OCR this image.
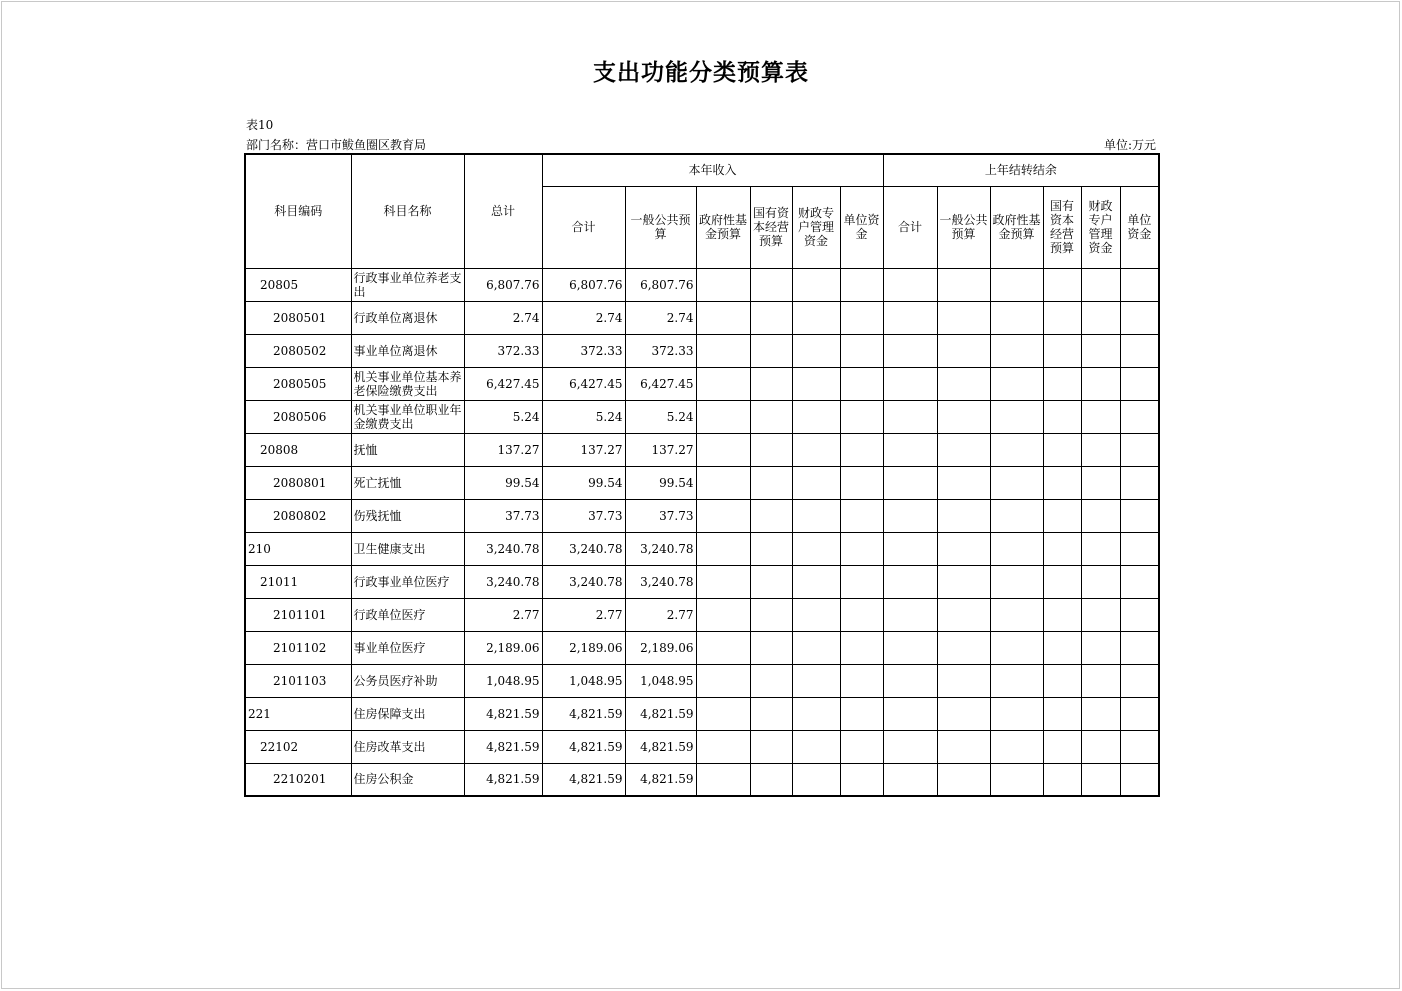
支出功能分类预算表
表10
部门名称：营口市鲅鱼圈区教育局	单位:万元
科目编码	科目名称	总计	本年收入						上年结转结余					
			合计	一般公共预算	政府性基金预算	国有资本经营预算	财政专户管理资金	单位资金	合计	一般公共预算	政府性基金预算	国有资本经营预算	财政专户管理资金	单位资金
20805	行政事业单位养老支出	6,807.76	6,807.76	6,807.76										
2080501	行政单位离退休	2.74	2.74	2.74										
2080502	事业单位离退休	372.33	372.33	372.33										
2080505	机关事业单位基本养老保险缴费支出	6,427.45	6,427.45	6,427.45										
2080506	机关事业单位职业年金缴费支出	5.24	5.24	5.24										
20808	抚恤	137.27	137.27	137.27										
2080801	死亡抚恤	99.54	99.54	99.54										
2080802	伤残抚恤	37.73	37.73	37.73										
210	卫生健康支出	3,240.78	3,240.78	3,240.78										
21011	行政事业单位医疗	3,240.78	3,240.78	3,240.78										
2101101	行政单位医疗	2.77	2.77	2.77										
2101102	事业单位医疗	2,189.06	2,189.06	2,189.06										
2101103	公务员医疗补助	1,048.95	1,048.95	1,048.95										
221	住房保障支出	4,821.59	4,821.59	4,821.59										
22102	住房改革支出	4,821.59	4,821.59	4,821.59										
2210201	住房公积金	4,821.59	4,821.59	4,821.59										
